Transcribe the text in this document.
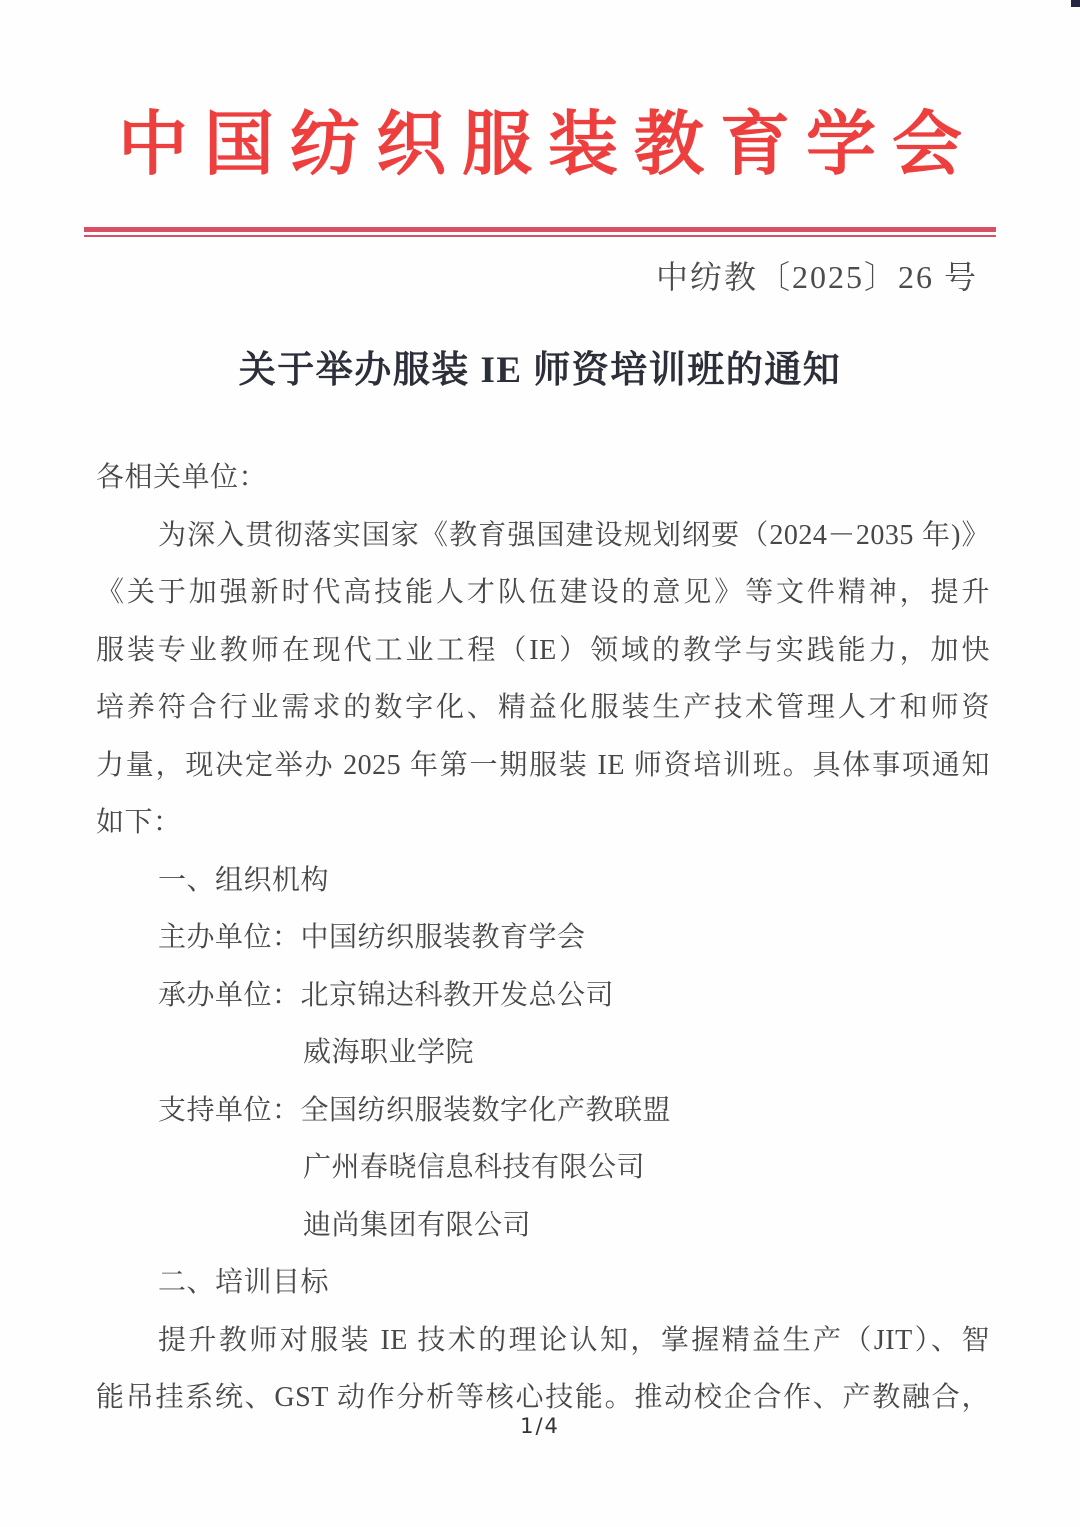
中国纺织服装教育学会
中纺教〔2025〕26 号
关于举办服装 IE 师资培训班的通知
各相关单位：
为深入贯彻落实国家《教育强国建设规划纲要（2024－2035 年)》
《关于加强新时代高技能人才队伍建设的意见》等文件精神，提升
服装专业教师在现代工业工程（IE）领域的教学与实践能力，加快
培养符合行业需求的数字化、精益化服装生产技术管理人才和师资
力量，现决定举办 2025 年第一期服装 IE 师资培训班。具体事项通知
如下：
一、组织机构
主办单位：中国纺织服装教育学会
承办单位：北京锦达科教开发总公司
威海职业学院
支持单位：全国纺织服装数字化产教联盟
广州春晓信息科技有限公司
迪尚集团有限公司
二、培训目标
提升教师对服装 IE 技术的理论认知，掌握精益生产（JIT）、智
能吊挂系统、GST 动作分析等核心技能。推动校企合作、产教融合，
1/4
